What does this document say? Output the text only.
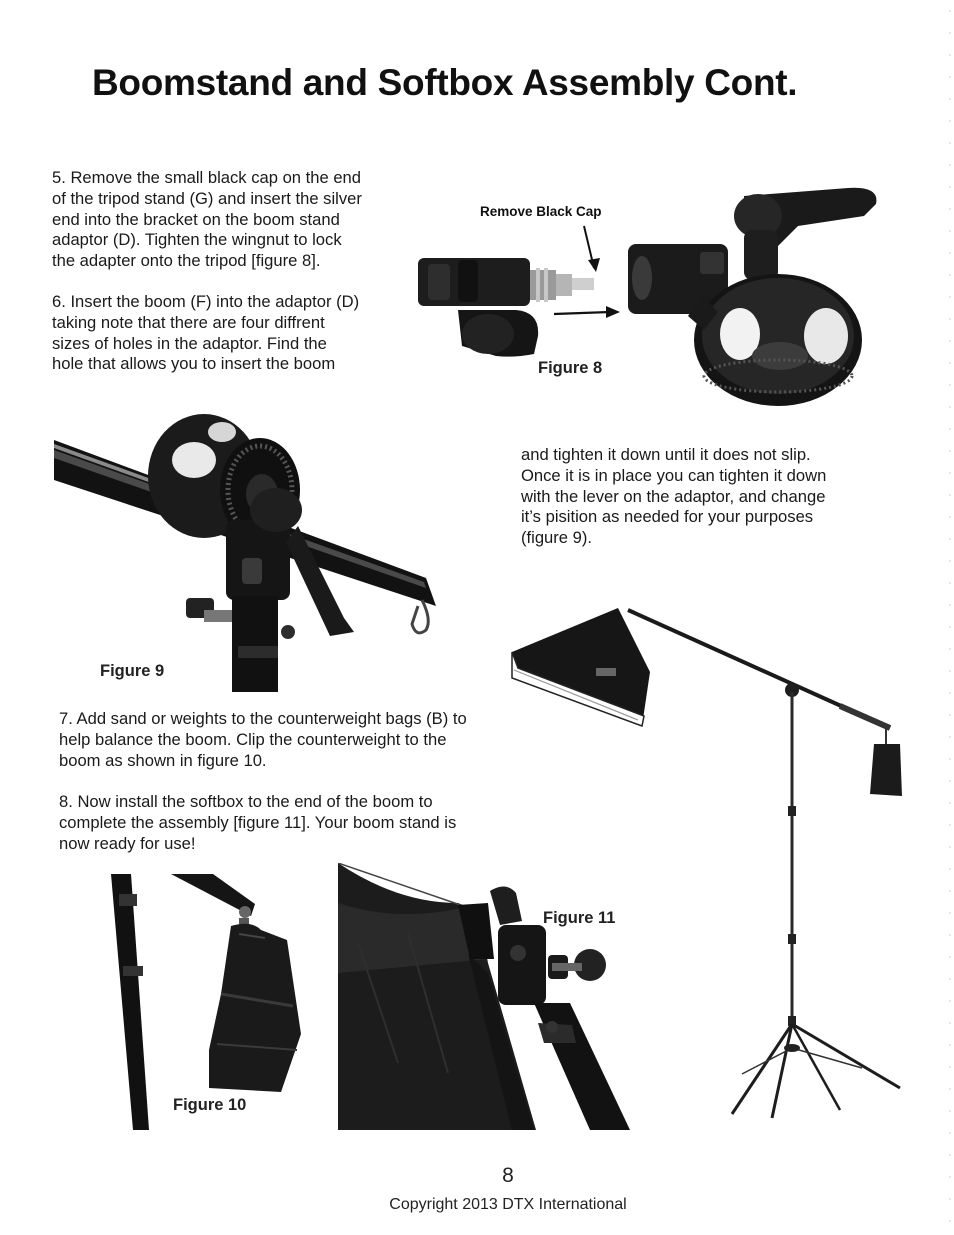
Boomstand and Softbox Assembly Cont.
5. Remove the small black cap on the end
of the tripod stand (G) and insert the silver
end into the bracket on the boom stand
adaptor (D). Tighten the wingnut to lock
the adapter onto the tripod [figure 8].
6. Insert the boom (F) into the adaptor (D)
taking note that there are four diffrent
sizes of holes in the adaptor. Find the
hole that allows you to insert the boom
Remove Black Cap
Figure 8
Figure 9
and tighten it down until it does not slip.
Once it is in place you can tighten it down
with the lever on the adaptor, and change
it’s pisition as needed for your purposes
(figure 9).
7. Add sand or weights to the counterweight bags (B) to
help balance the boom. Clip the counterweight to the
boom as shown in figure 10.
8. Now install the softbox to the end of the boom to
complete the assembly [figure 11]. Your boom stand is
now ready for use!
Figure 10
Figure 11
8
Copyright 2013 DTX International
